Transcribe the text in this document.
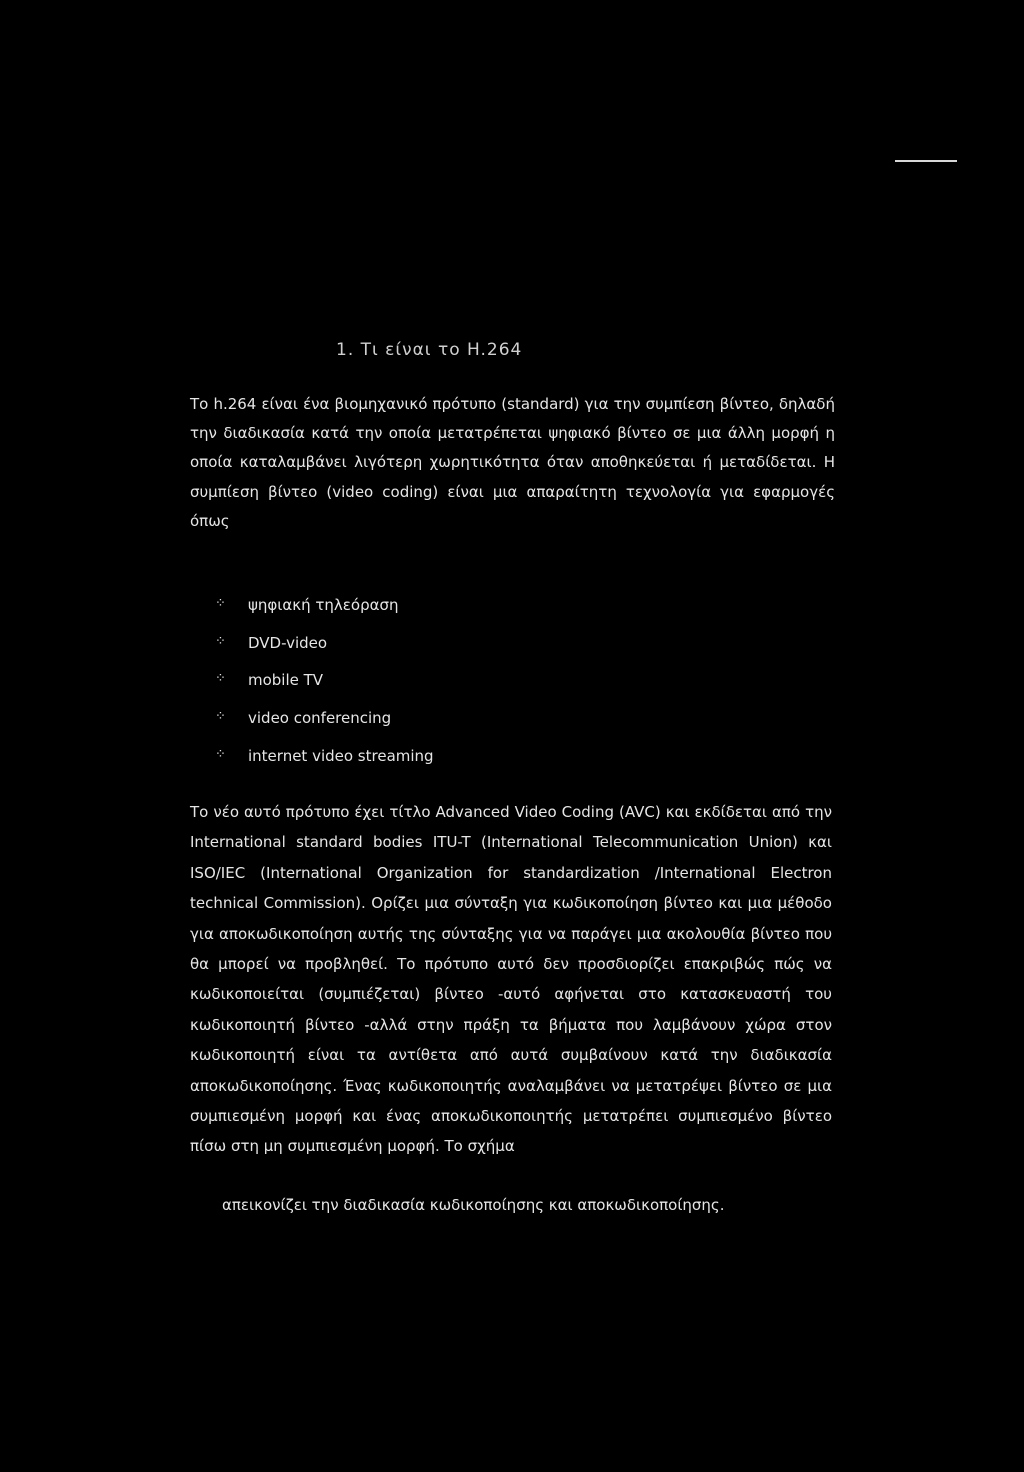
1. Τι είναι το H.264

Το h.264 είναι ένα βιομηχανικό πρότυπο (standard) για την συμπίεση βίντεο, δηλαδή την διαδικασία κατά την οποία μετατρέπεται ψηφιακό βίντεο σε μια άλλη μορφή η οποία καταλαμβάνει λιγότερη χωρητικότητα όταν αποθηκεύεται ή μεταδίδεται. Η συμπίεση βίντεο (video coding) είναι μια απαραίτητη τεχνολογία για εφαρμογές όπως

⁘	ψηφιακή τηλεόραση
⁘	DVD-video
⁘	mobile TV
⁘	video conferencing
⁘	internet video streaming

Το νέο αυτό πρότυπο έχει τίτλο Advanced Video Coding (AVC) και εκδίδεται από την International standard bodies ITU-T (International Telecommunication Union) και ISO/IEC (International Organization for standardization /International Electron technical Commission). Ορίζει μια σύνταξη για κωδικοποίηση βίντεο και μια μέθοδο για αποκωδικοποίηση αυτής της σύνταξης για να παράγει μια ακολουθία βίντεο που θα μπορεί να προβληθεί. Το πρότυπο αυτό δεν προσδιορίζει επακριβώς πώς να κωδικοποιείται (συμπιέζεται) βίντεο -αυτό αφήνεται στο κατασκευαστή του κωδικοποιητή βίντεο -αλλά στην πράξη τα βήματα που λαμβάνουν χώρα στον κωδικοποιητή είναι τα αντίθετα από αυτά συμβαίνουν κατά την διαδικασία αποκωδικοποίησης. Ένας κωδικοποιητής αναλαμβάνει να μετατρέψει βίντεο σε μια συμπιεσμένη μορφή και ένας αποκωδικοποιητής μετατρέπει συμπιεσμένο βίντεο πίσω στη μη συμπιεσμένη μορφή. Το σχήμα

απεικονίζει την διαδικασία κωδικοποίησης και αποκωδικοποίησης.
